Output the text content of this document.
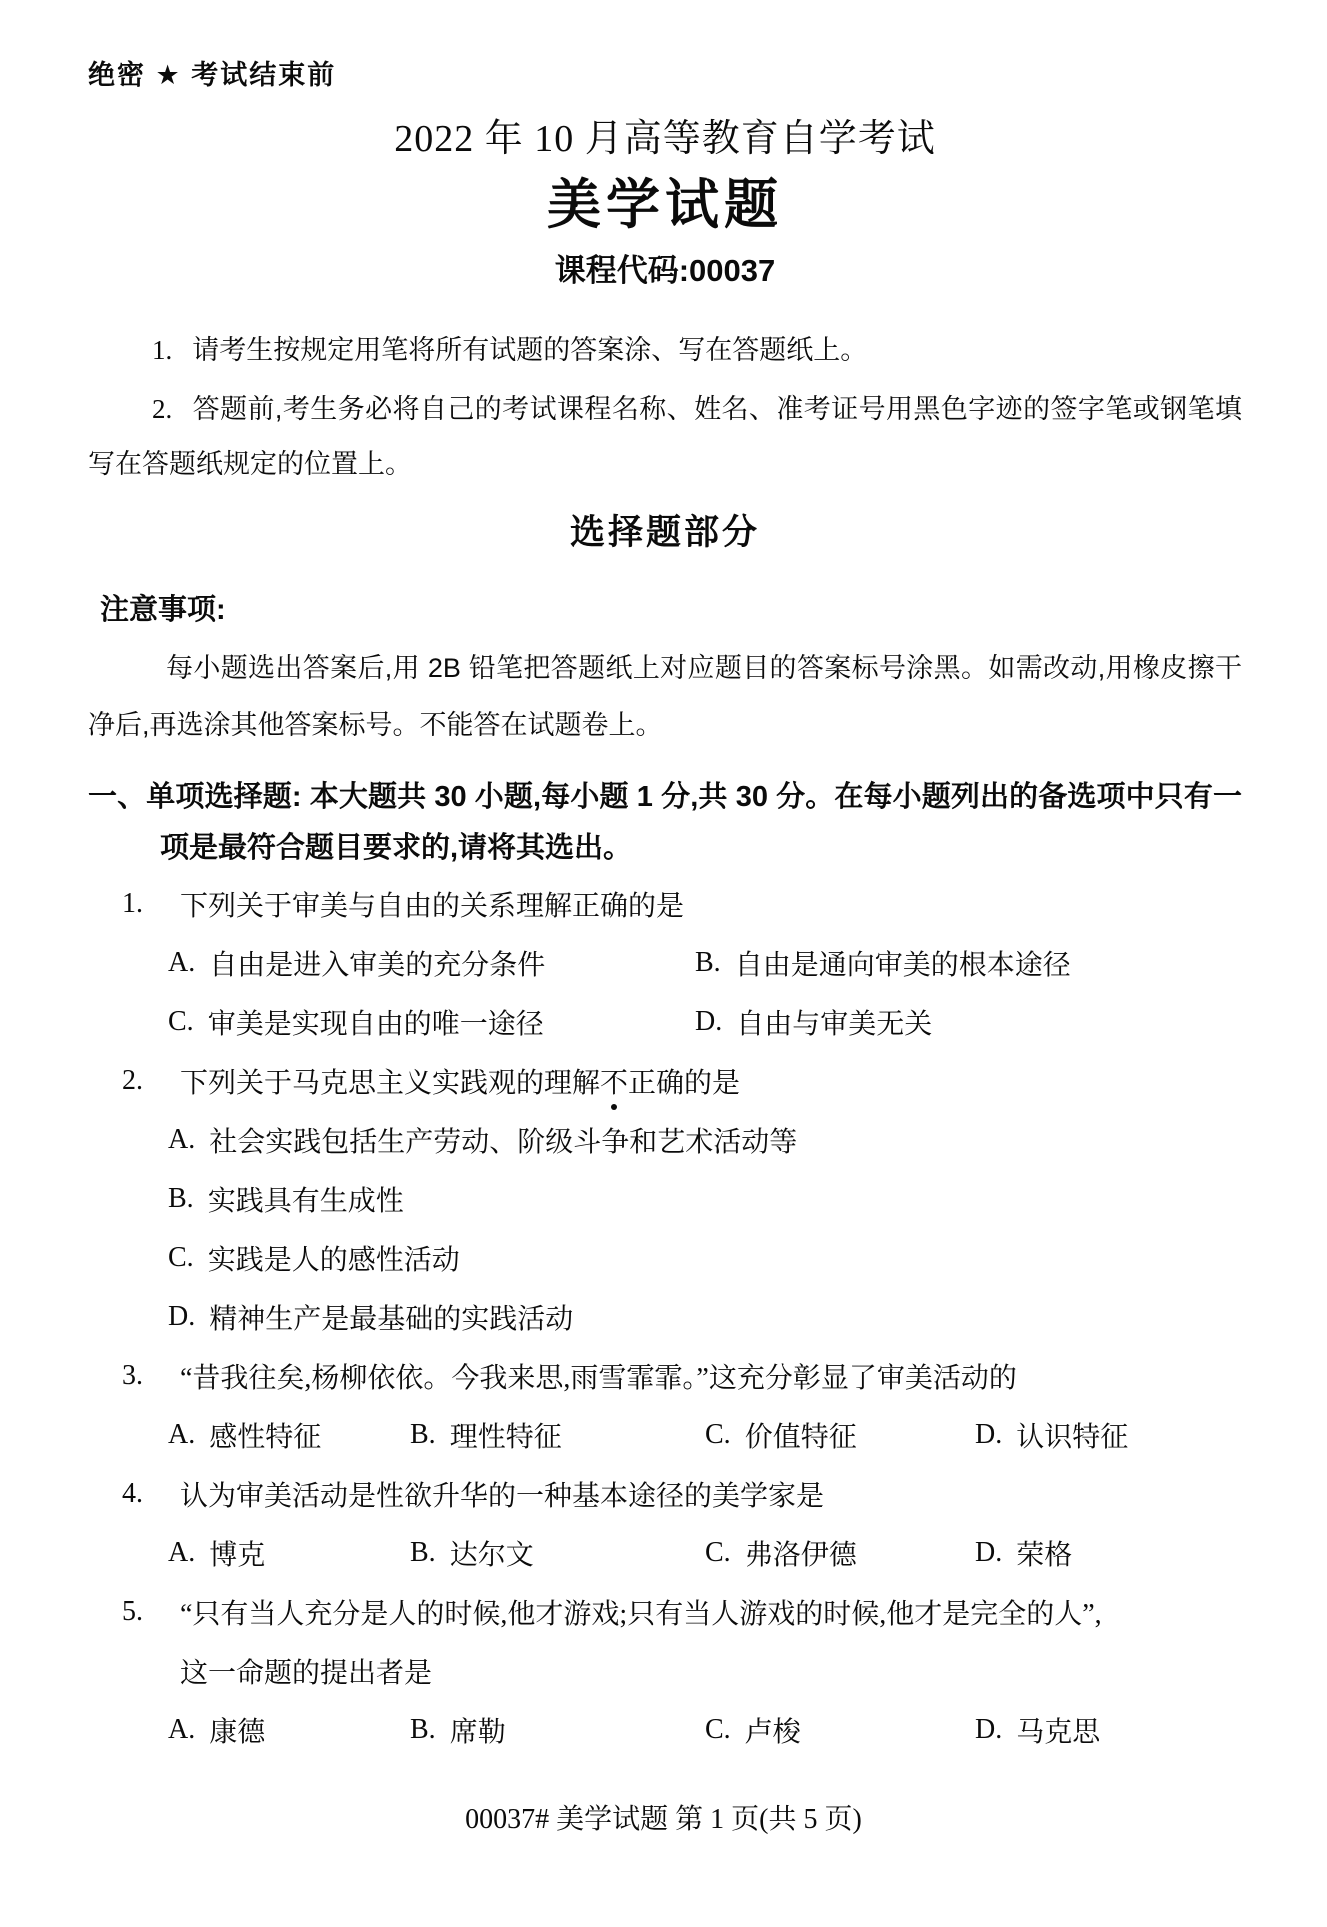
绝密 ★ 考试结束前
2022 年 10 月高等教育自学考试
美学试题
课程代码:00037

1. 请考生按规定用笔将所有试题的答案涂、写在答题纸上。

2. 答题前,考生务必将自己的考试课程名称、姓名、准考证号用黑色字迹的签字笔或钢笔填写在答题纸规定的位置上。

选择题部分
注意事项:

每小题选出答案后,用 2B 铅笔把答题纸上对应题目的答案标号涂黑。如需改动,用橡皮擦干净后,再选涂其他答案标号。不能答在试题卷上。

一、单项选择题: 本大题共 30 小题,每小题 1 分,共 30 分。在每小题列出的备选项中只有一项是最符合题目要求的,请将其选出。
1.	下列关于审美与自由的关系理解正确的是
A. 自由是进入审美的充分条件	B. 自由是通向审美的根本途径
C. 审美是实现自由的唯一途径	D. 自由与审美无关
2.	下列关于马克思主义实践观的理解不正确的是
A. 社会实践包括生产劳动、阶级斗争和艺术活动等
B. 实践具有生成性
C. 实践是人的感性活动
D. 精神生产是最基础的实践活动
3.	“昔我往矣,杨柳依依。今我来思,雨雪霏霏。”这充分彰显了审美活动的
A. 感性特征	B. 理性特征	C. 价值特征	D. 认识特征
4.	认为审美活动是性欲升华的一种基本途径的美学家是
A. 博克	B. 达尔文	C. 弗洛伊德	D. 荣格
5.	“只有当人充分是人的时候,他才游戏;只有当人游戏的时候,他才是完全的人”,
这一命题的提出者是
A. 康德	B. 席勒	C. 卢梭	D. 马克思
00037# 美学试题 第 1 页(共 5 页)
